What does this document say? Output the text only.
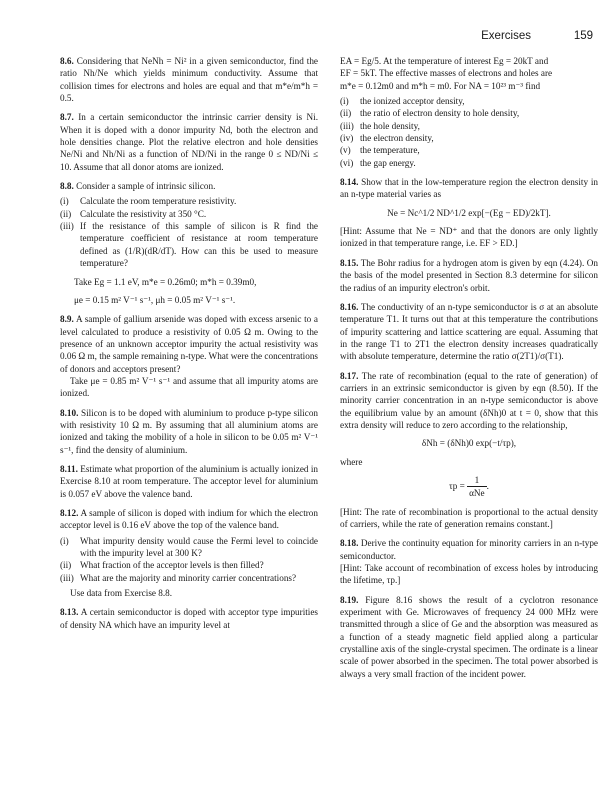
Exercises	159

8.6. Considering that NeNh = Ni² in a given semiconductor, find the ratio Nh/Ne which yields minimum conductivity. Assume that collision times for electrons and holes are equal and that m*e/m*h = 0.5.

8.7. In a certain semiconductor the intrinsic carrier density is Ni. When it is doped with a donor impurity Nd, both the electron and hole densities change. Plot the relative electron and hole densities Ne/Ni and Nh/Ni as a function of ND/Ni in the range 0 ≤ ND/Ni ≤ 10. Assume that all donor atoms are ionized.

8.8. Consider a sample of intrinsic silicon.

(i)	Calculate the room temperature resistivity.
(ii) Calculate the resistivity at 350 °C.
(iii) If the resistance of this sample of silicon is R find the temperature coefficient of resistance at room temperature defined as (1/R)(dR/dT). How can this be used to measure temperature?
Take Eg = 1.1 eV, m*e = 0.26m0; m*h = 0.39m0,
μe = 0.15 m² V⁻¹ s⁻¹, μh = 0.05 m² V⁻¹ s⁻¹.

8.9. A sample of gallium arsenide was doped with excess arsenic to a level calculated to produce a resistivity of 0.05 Ω m. Owing to the presence of an unknown acceptor impurity the actual resistivity was 0.06 Ω m, the sample remaining n-type. What were the concentrations of donors and acceptors present?

Take μe = 0.85 m² V⁻¹ s⁻¹ and assume that all impurity atoms are ionized.

8.10. Silicon is to be doped with aluminium to produce p-type silicon with resistivity 10 Ω m. By assuming that all aluminium atoms are ionized and taking the mobility of a hole in silicon to be 0.05 m² V⁻¹ s⁻¹, find the density of aluminium.

8.11. Estimate what proportion of the aluminium is actually ionized in Exercise 8.10 at room temperature. The acceptor level for aluminium is 0.057 eV above the valence band.

8.12. A sample of silicon is doped with indium for which the electron acceptor level is 0.16 eV above the top of the valence band.

(i)	What impurity density would cause the Fermi level to coincide with the impurity level at 300 K?
(ii) What fraction of the acceptor levels is then filled?
(iii) What are the majority and minority carrier concentrations?

Use data from Exercise 8.8.

8.13. A certain semiconductor is doped with acceptor type impurities of density NA which have an impurity level at

EA = Eg/5. At the temperature of interest Eg = 20kT and

EF = 5kT. The effective masses of electrons and holes are

m*e = 0.12m0 and m*h = m0. For NA = 10²³ m⁻³ find

(i)	the ionized acceptor density,
(ii) the ratio of electron density to hole density,
(iii) the hole density,
(iv) the electron density,
(v)	the temperature,
(vi) the gap energy.

8.14. Show that in the low-temperature region the electron density in an n-type material varies as

Ne = Nc^1/2 ND^1/2 exp[−(Eg − ED)/2kT].

[Hint: Assume that Ne = ND⁺ and that the donors are only lightly ionized in that temperature range, i.e. EF > ED.]

8.15. The Bohr radius for a hydrogen atom is given by eqn (4.24). On the basis of the model presented in Section 8.3 determine for silicon the radius of an impurity electron's orbit.

8.16. The conductivity of an n-type semiconductor is σ at an absolute temperature T1. It turns out that at this temperature the contributions of impurity scattering and lattice scattering are equal. Assuming that in the range T1 to 2T1 the electron density increases quadratically with absolute temperature, determine the ratio σ(2T1)/σ(T1).

8.17. The rate of recombination (equal to the rate of generation) of carriers in an extrinsic semiconductor is given by eqn (8.50). If the minority carrier concentration in an n-type semiconductor is above the equilibrium value by an amount (δNh)0 at t = 0, show that this extra density will reduce to zero according to the relationship,

δNh = (δNh)0 exp(−t/τp),

where

$\tau p = \frac{1}{\text{αNe}}$ .

[Hint: The rate of recombination is proportional to the actual density of carriers, while the rate of generation remains constant.]

8.18. Derive the continuity equation for minority carriers in an n-type semiconductor.

[Hint: Take account of recombination of excess holes by introducing the lifetime, τp.]

8.19. Figure 8.16 shows the result of a cyclotron resonance experiment with Ge. Microwaves of frequency 24 000 MHz were transmitted through a slice of Ge and the absorption was measured as a function of a steady magnetic field applied along a particular crystalline axis of the single-crystal specimen. The ordinate is a linear scale of power absorbed in the specimen. The total power absorbed is always a very small fraction of the incident power.
